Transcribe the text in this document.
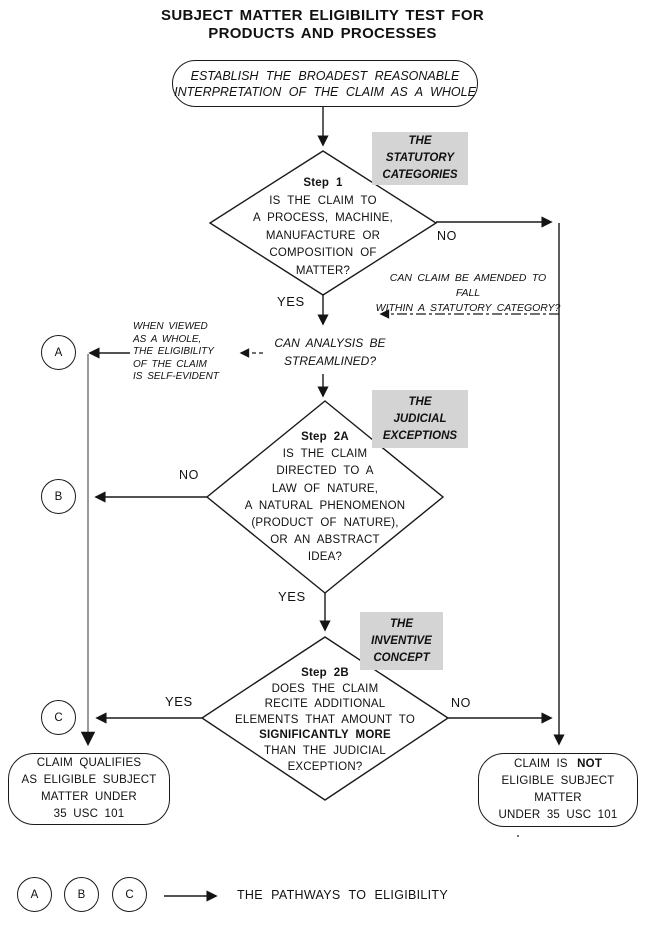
SUBJECT MATTER ELIGIBILITY TEST FOR
PRODUCTS AND PROCESSES
ESTABLISH THE BROADEST REASONABLE
INTERPRETATION OF THE CLAIM AS A WHOLE
THE
STATUTORY
CATEGORIES
THE
JUDICIAL
EXCEPTIONS
THE
INVENTIVE
CONCEPT
Step 1
IS THE CLAIM TO
A PROCESS, MACHINE,
MANUFACTURE OR
COMPOSITION OF
MATTER?
NO
YES
CAN CLAIM BE AMENDED TO FALL
WITHIN A STATUTORY CATEGORY?
CAN ANALYSIS BE
STREAMLINED?
WHEN VIEWED
AS A WHOLE,
THE ELIGIBILITY
OF THE CLAIM
IS SELF-EVIDENT
A
B
C
Step 2A
IS THE CLAIM
DIRECTED TO A
LAW OF NATURE,
A NATURAL PHENOMENON
(PRODUCT OF NATURE),
OR AN ABSTRACT
IDEA?
NO
YES
Step 2B
DOES THE CLAIM
RECITE ADDITIONAL
ELEMENTS THAT AMOUNT TO
SIGNIFICANTLY MORE
THAN THE JUDICIAL
EXCEPTION?
YES	NO
CLAIM QUALIFIES
AS ELIGIBLE SUBJECT
MATTER UNDER
35 USC 101
CLAIM IS NOT
ELIGIBLE SUBJECT
MATTER
UNDER 35 USC 101
A	B	C	THE PATHWAYS TO ELIGIBILITY
